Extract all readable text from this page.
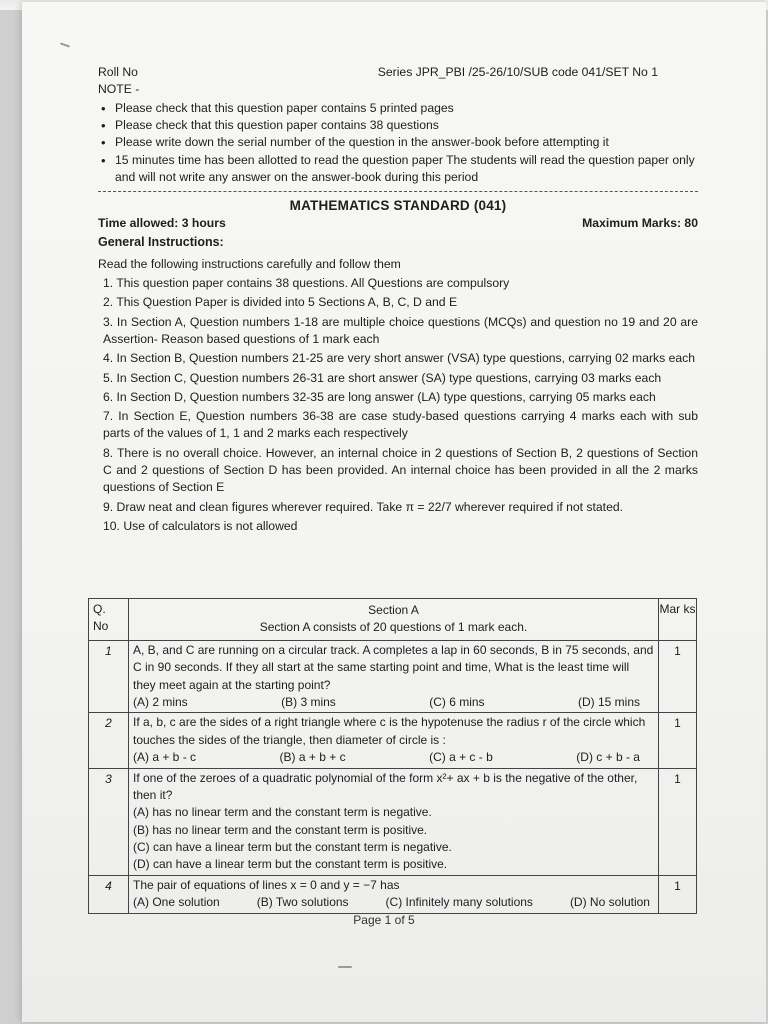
Roll No	Series JPR_PBI /25-26/10/SUB code 041/SET No 1
NOTE -
• Please check that this question paper contains 5 printed pages
• Please check that this question paper contains 38 questions
• Please write down the serial number of the question in the answer-book before attempting it
• 15 minutes time has been allotted to read the question paper The students will read the question paper only and will not write any answer on the answer-book during this period
MATHEMATICS STANDARD (041)
Time allowed: 3 hours	Maximum Marks: 80
General Instructions:

Read the following instructions carefully and follow them

1. This question paper contains 38 questions. All Questions are compulsory

2. This Question Paper is divided into 5 Sections A, B, C, D and E

3. In Section A, Question numbers 1-18 are multiple choice questions (MCQs) and question no 19 and 20 are Assertion- Reason based questions of 1 mark each

4. In Section B, Question numbers 21-25 are very short answer (VSA) type questions, carrying 02 marks each

5. In Section C, Question numbers 26-31 are short answer (SA) type questions, carrying 03 marks each

6. In Section D, Question numbers 32-35 are long answer (LA) type questions, carrying 05 marks each

7. In Section E, Question numbers 36-38 are case study-based questions carrying 4 marks each with sub parts of the values of 1, 1 and 2 marks each respectively

8. There is no overall choice. However, an internal choice in 2 questions of Section B, 2 questions of Section C and 2 questions of Section D has been provided. An internal choice has been provided in all the 2 marks questions of Section E

9. Draw neat and clean figures wherever required. Take π = 22/7 wherever required if not stated.

10. Use of calculators is not allowed

Q. No	Section A
Section A consists of 20 questions of 1 mark each.	Mar ks
1	A, B, and C are running on a circular track. A completes a lap in 60 seconds, B in 75 seconds, and C in 90 seconds. If they all start at the same starting point and time, What is the least time will they meet again at the starting point?
(A) 2 mins (B) 3 mins (C) 6 mins (D) 15 mins	1
2	If a, b, c are the sides of a right triangle where c is the hypotenuse the radius r of the circle which touches the sides of the triangle, then diameter of circle is :
(A) a + b - c (B) a + b + c (C) a + c - b (D) c + b - a	1
3	If one of the zeroes of a quadratic polynomial of the form x²+ ax + b is the negative of the other, then it?
(A) has no linear term and the constant term is negative.
(B) has no linear term and the constant term is positive.
(C) can have a linear term but the constant term is negative.
(D) can have a linear term but the constant term is positive.	1
4	The pair of equations of lines x = 0 and y = −7 has
(A) One solution (B) Two solutions (C) Infinitely many solutions (D) No solution	1
Page 1 of 5
